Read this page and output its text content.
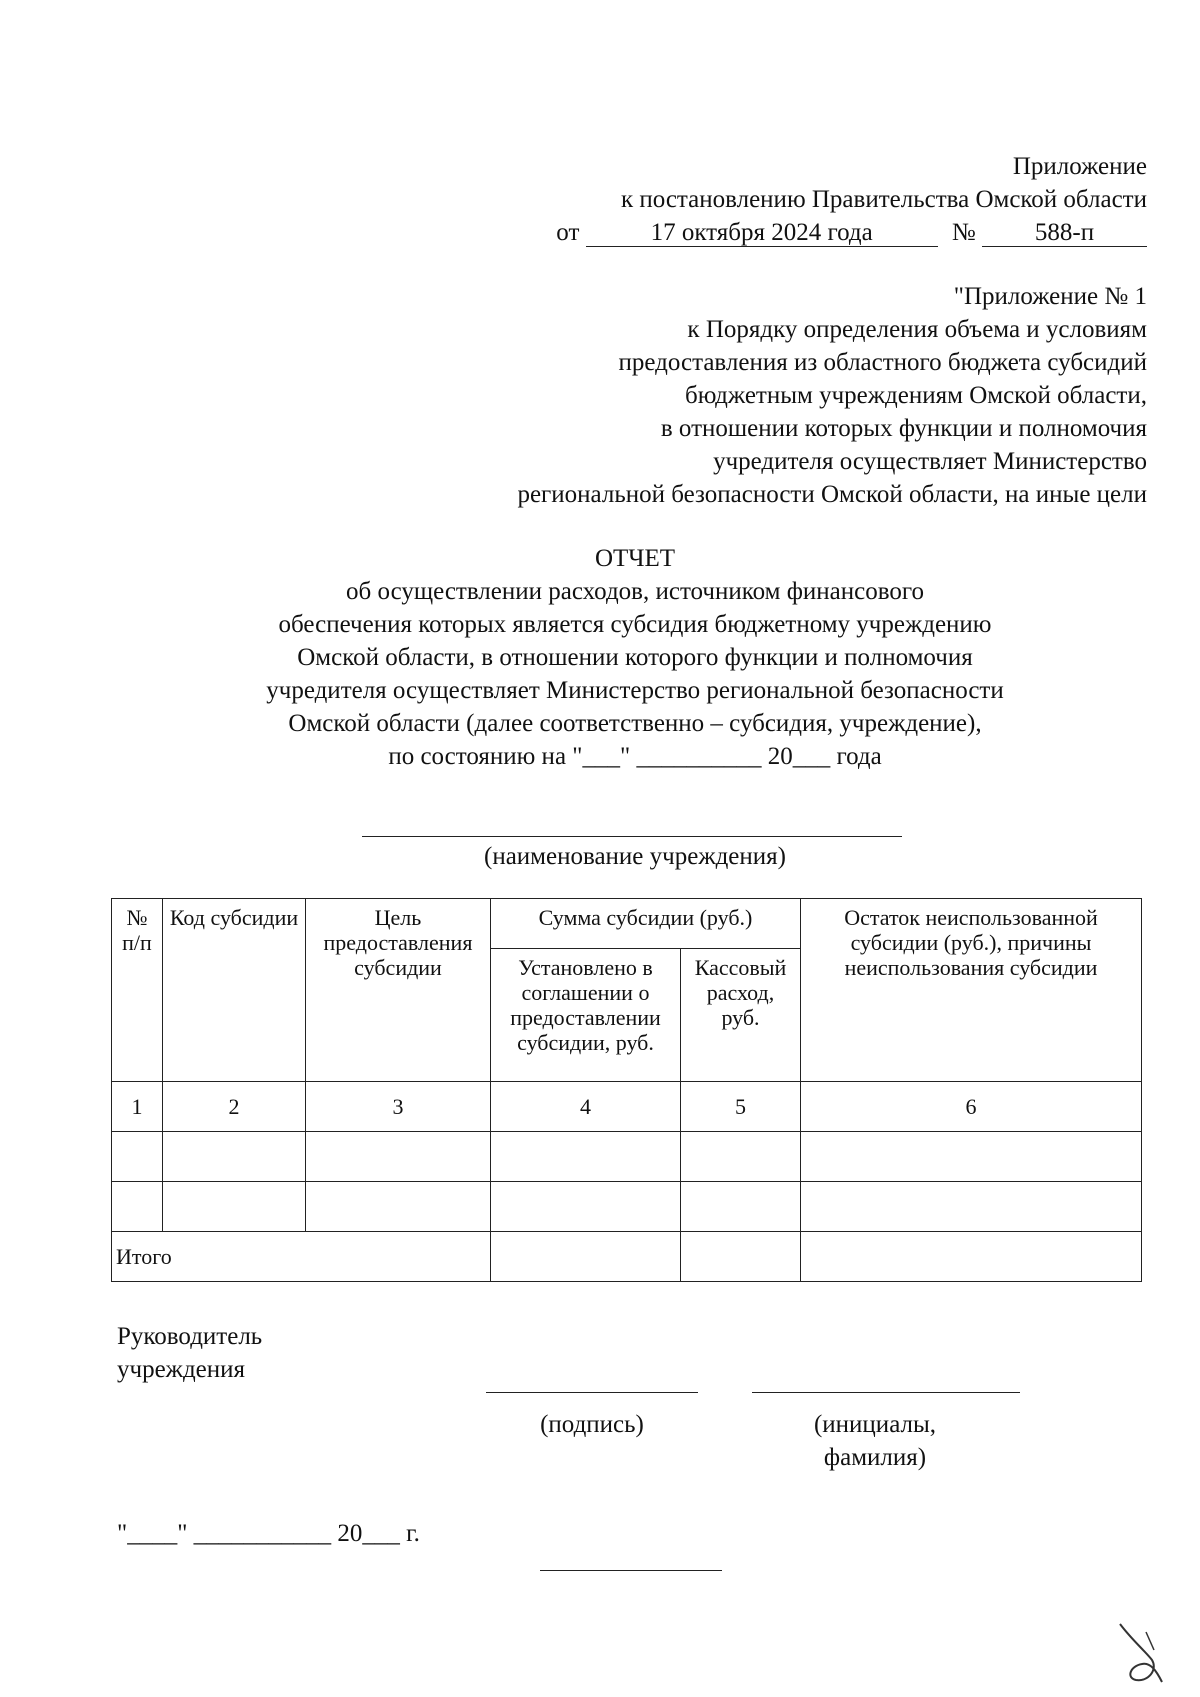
Приложение
к постановлению Правительства Омской области
от	17 октября 2024 года	№ 588-п
"Приложение № 1
к Порядку определения объема и условиям
предоставления из областного бюджета субсидий
бюджетным учреждениям Омской области,
в отношении которых функции и полномочия
учредителя осуществляет Министерство
региональной безопасности Омской области, на иные цели
ОТЧЕТ
об осуществлении расходов, источником финансового
обеспечения которых является субсидия бюджетному учреждению
Омской области, в отношении которого функции и полномочия
учредителя осуществляет Министерство региональной безопасности
Омской области (далее соответственно – субсидия, учреждение),
по состоянию на "___" __________ 20___ года
(наименование учреждения)
№ п/п	Код субсидии	Цель предоставления субсидии	Сумма субсидии (руб.)		Остаток неиспользованной субсидии (руб.), причины неиспользования субсидии
			Установлено в соглашении о предоставлении субсидии, руб.	Кассовый расход, руб.	
1	2	3	4	5	6

Итого					
Руководитель
учреждения
(подпись)	(инициалы,
фамилия)
"____" ___________ 20___ г.
